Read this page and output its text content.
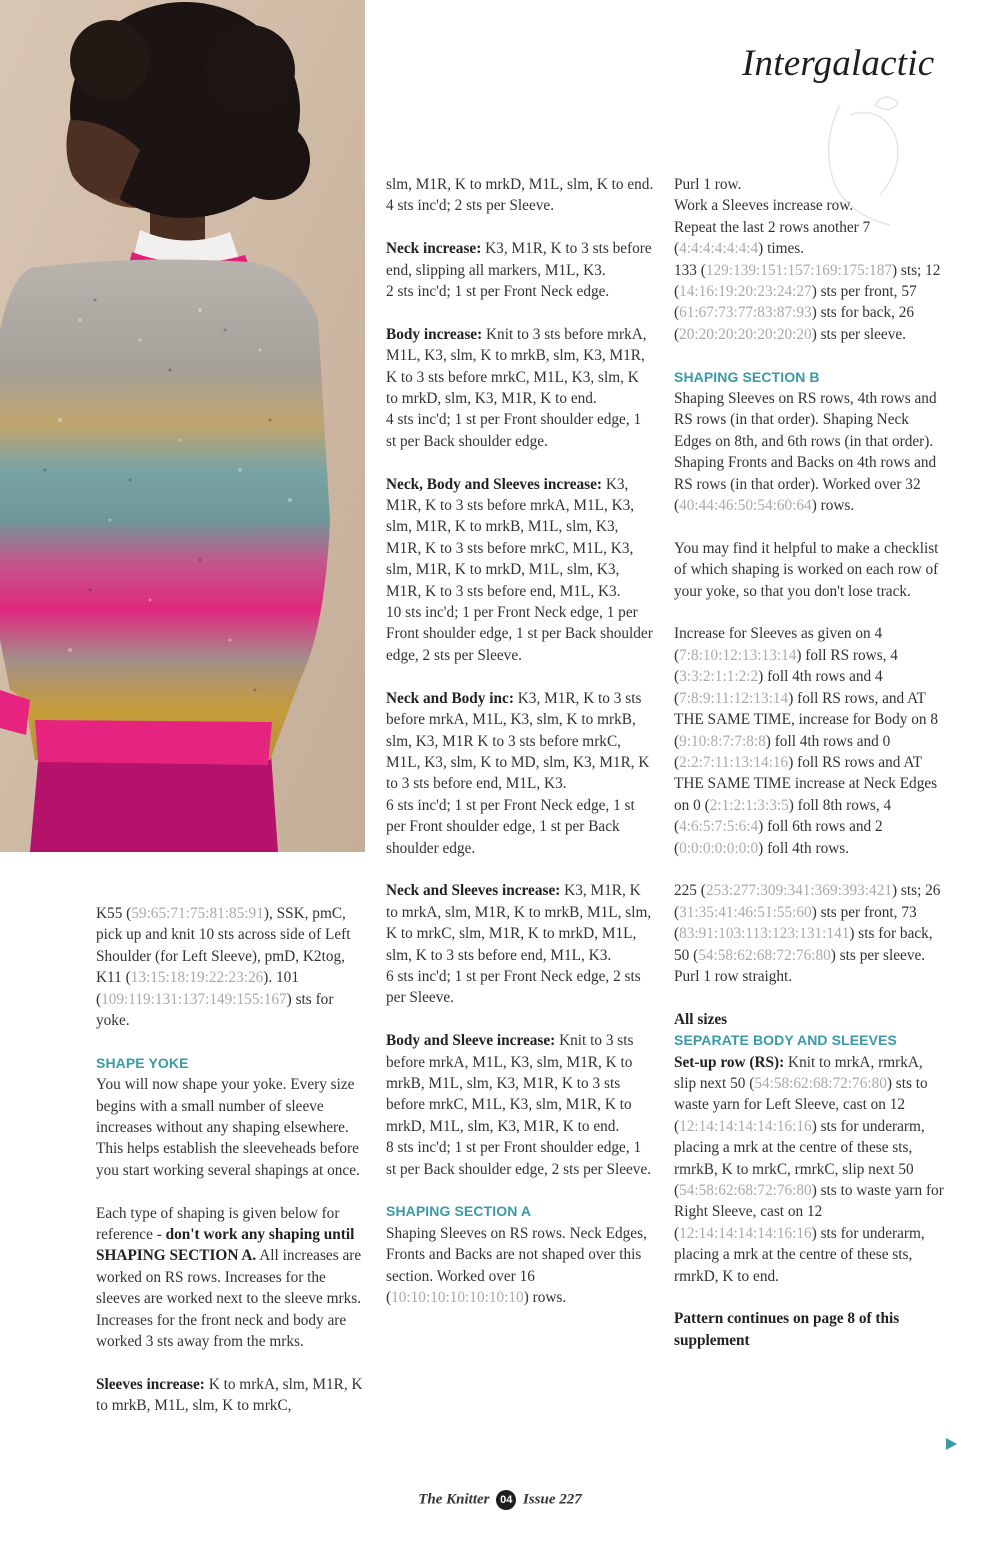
Intergalactic

K55 (59:65:71:75:81:85:91), SSK, pmC, pick up and knit 10 sts across side of Left Shoulder (for Left Sleeve), pmD, K2tog, K11 (13:15:18:19:22:23:26). 101 (109:119:131:137:149:155:167) sts for yoke.

SHAPE YOKE

You will now shape your yoke. Every size begins with a small number of sleeve increases without any shaping elsewhere. This helps establish the sleeveheads before you start working several shapings at once.

Each type of shaping is given below for reference - don't work any shaping until SHAPING SECTION A. All increases are worked on RS rows. Increases for the sleeves are worked next to the sleeve mrks. Increases for the front neck and body are worked 3 sts away from the mrks.

Sleeves increase: K to mrkA, slm, M1R, K to mrkB, M1L, slm, K to mrkC,

slm, M1R, K to mrkD, M1L, slm, K to end.
4 sts inc'd; 2 sts per Sleeve.

Neck increase: K3, M1R, K to 3 sts before end, slipping all markers, M1L, K3.
2 sts inc'd; 1 st per Front Neck edge.

Body increase: Knit to 3 sts before mrkA, M1L, K3, slm, K to mrkB, slm, K3, M1R, K to 3 sts before mrkC, M1L, K3, slm, K to mrkD, slm, K3, M1R, K to end.
4 sts inc'd; 1 st per Front shoulder edge, 1 st per Back shoulder edge.

Neck, Body and Sleeves increase: K3, M1R, K to 3 sts before mrkA, M1L, K3, slm, M1R, K to mrkB, M1L, slm, K3, M1R, K to 3 sts before mrkC, M1L, K3, slm, M1R, K to mrkD, M1L, slm, K3, M1R, K to 3 sts before end, M1L, K3.
10 sts inc'd; 1 per Front Neck edge, 1 per Front shoulder edge, 1 st per Back shoulder edge, 2 sts per Sleeve.

Neck and Body inc: K3, M1R, K to 3 sts before mrkA, M1L, K3, slm, K to mrkB, slm, K3, M1R K to 3 sts before mrkC, M1L, K3, slm, K to MD, slm, K3, M1R, K to 3 sts before end, M1L, K3.
6 sts inc'd; 1 st per Front Neck edge, 1 st per Front shoulder edge, 1 st per Back shoulder edge.

Neck and Sleeves increase: K3, M1R, K to mrkA, slm, M1R, K to mrkB, M1L, slm, K to mrkC, slm, M1R, K to mrkD, M1L, slm, K to 3 sts before end, M1L, K3.
6 sts inc'd; 1 st per Front Neck edge, 2 sts per Sleeve.

Body and Sleeve increase: Knit to 3 sts before mrkA, M1L, K3, slm, M1R, K to mrkB, M1L, slm, K3, M1R, K to 3 sts before mrkC, M1L, K3, slm, M1R, K to mrkD, M1L, slm, K3, M1R, K to end.
8 sts inc'd; 1 st per Front shoulder edge, 1 st per Back shoulder edge, 2 sts per Sleeve.

SHAPING SECTION A

Shaping Sleeves on RS rows. Neck Edges, Fronts and Backs are not shaped over this section. Worked over 16 (10:10:10:10:10:10:10) rows.

Purl 1 row.
Work a Sleeves increase row.
Repeat the last 2 rows another 7 (4:4:4:4:4:4:4) times.
133 (129:139:151:157:169:175:187) sts; 12 (14:16:19:20:23:24:27) sts per front, 57 (61:67:73:77:83:87:93) sts for back, 26 (20:20:20:20:20:20:20) sts per sleeve.

SHAPING SECTION B

Shaping Sleeves on RS rows, 4th rows and RS rows (in that order). Shaping Neck Edges on 8th, and 6th rows (in that order). Shaping Fronts and Backs on 4th rows and RS rows (in that order). Worked over 32 (40:44:46:50:54:60:64) rows.

You may find it helpful to make a checklist of which shaping is worked on each row of your yoke, so that you don't lose track.

Increase for Sleeves as given on 4 (7:8:10:12:13:13:14) foll RS rows, 4 (3:3:2:1:1:2:2) foll 4th rows and 4 (7:8:9:11:12:13:14) foll RS rows, and AT THE SAME TIME, increase for Body on 8 (9:10:8:7:7:8:8) foll 4th rows and 0 (2:2:7:11:13:14:16) foll RS rows and AT THE SAME TIME increase at Neck Edges on 0 (2:1:2:1:3:3:5) foll 8th rows, 4 (4:6:5:7:5:6:4) foll 6th rows and 2 (0:0:0:0:0:0:0) foll 4th rows.

225 (253:277:309:341:369:393:421) sts; 26 (31:35:41:46:51:55:60) sts per front, 73 (83:91:103:113:123:131:141) sts for back, 50 (54:58:62:68:72:76:80) sts per sleeve.
Purl 1 row straight.

All sizes

SEPARATE BODY AND SLEEVES

Set-up row (RS): Knit to mrkA, rmrkA, slip next 50 (54:58:62:68:72:76:80) sts to waste yarn for Left Sleeve, cast on 12 (12:14:14:14:14:16:16) sts for underarm, placing a mrk at the centre of these sts, rmrkB, K to mrkC, rmrkC, slip next 50 (54:58:62:68:72:76:80) sts to waste yarn for Right Sleeve, cast on 12 (12:14:14:14:14:16:16) sts for underarm, placing a mrk at the centre of these sts, rmrkD, K to end.

Pattern continues on page 8 of this supplement

The Knitter 04 Issue 227
